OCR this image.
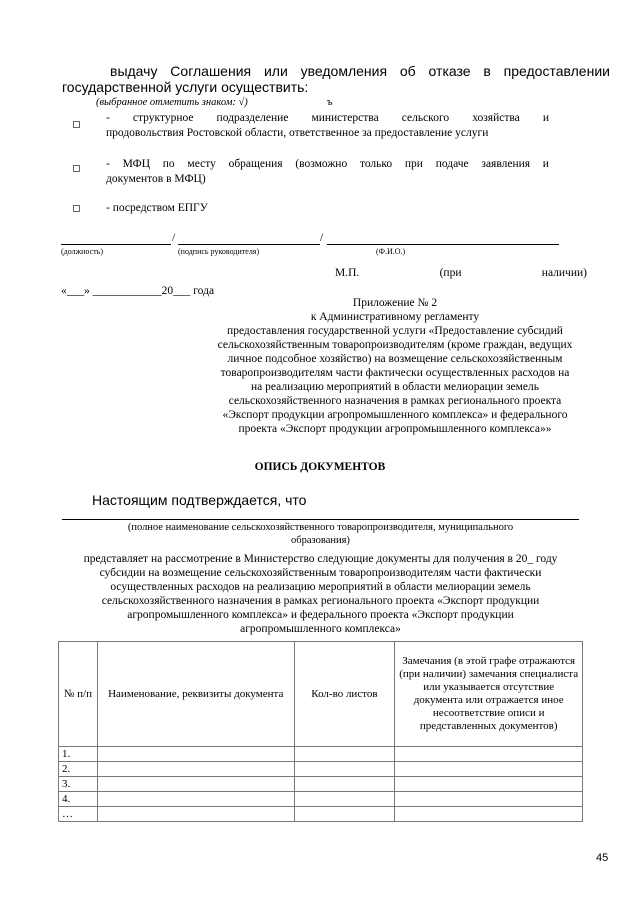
выдачу Соглашения или уведомления об отказе в предоставлении
государственной услуги осуществить:
(выбранное отметить знаком: √)	ъ
- структурное подразделение министерства сельского хозяйства и
продовольствия Ростовской области, ответственное за предоставление услуги
- МФЦ по месту обращения (возможно только при подаче заявления и
документов в МФЦ)
- посредством ЕПГУ
/	/
(должность)	(подпись руководителя)	(Ф.И.О.)
М.П.	(при	наличии)
«___» ____________20___ года
Приложение № 2
к Административному регламенту
предоставления государственной услуги «Предоставление субсидий
сельскохозяйственным товаропроизводителям (кроме граждан, ведущих
личное подсобное хозяйство) на возмещение сельскохозяйственным
товаропроизводителям части фактически осуществленных расходов на
на реализацию мероприятий в области мелиорации земель
сельскохозяйственного назначения в рамках регионального проекта
«Экспорт продукции агропромышленного комплекса» и федерального
проекта «Экспорт продукции агропромышленного комплекса»»
ОПИСЬ ДОКУМЕНТОВ
Настоящим подтверждается, что
(полное наименование сельскохозяйственного товаропроизводителя, муниципального
образования)
представляет на рассмотрение в Министерство следующие документы для получения в 20_ году
субсидии на возмещение сельскохозяйственным товаропроизводителям части фактически
осуществленных расходов на реализацию мероприятий в области мелиорации земель
сельскохозяйственного назначения в рамках регионального проекта «Экспорт продукции
агропромышленного комплекса» и федерального проекта «Экспорт продукции
агропромышленного комплекса»
№ п/п	Наименование, реквизиты документа	Кол-во листов	Замечания (в этой графе отражаются (при наличии) замечания специалиста или указывается отсутствие документа или отражается иное несоответствие описи и представленных документов)
1.			
2.			
3.			
4.			
…			
45
